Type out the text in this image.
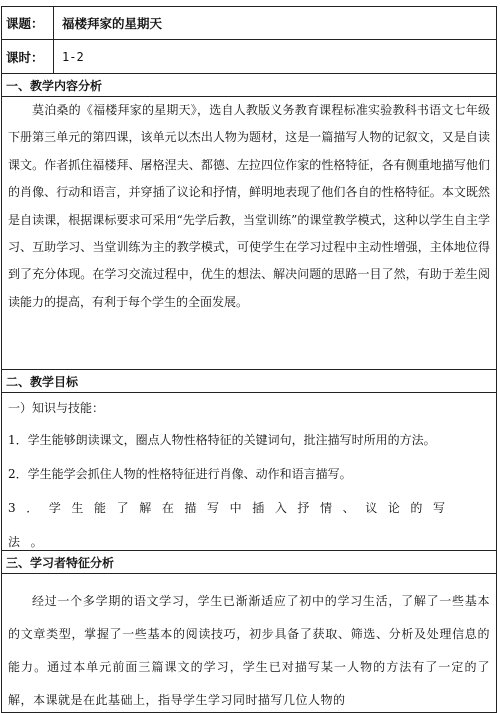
课题：	福楼拜家的星期天
课时：	1-2
一、教学内容分析

莫泊桑的《福楼拜家的星期天》，选自人教版义务教育课程标准实验教科书语文七年级下册第三单元的第四课，该单元以杰出人物为题材，这是一篇描写人物的记叙文，又是自读课文。作者抓住福楼拜、屠格涅夫、都德、左拉四位作家的性格特征，各有侧重地描写他们的肖像、行动和语言，并穿插了议论和抒情，鲜明地表现了他们各自的性格特征。本文既然是自读课，根据课标要求可采用“先学后教，当堂训练”的课堂教学模式，这种以学生自主学习、互助学习、当堂训练为主的教学模式，可使学生在学习过程中主动性增强，主体地位得到了充分体现。在学习交流过程中，优生的想法、解决问题的思路一目了然，有助于差生阅读能力的提高，有利于每个学生的全面发展。

二、教学目标

一）知识与技能：

1．学生能够朗读课文，圈点人物性格特征的关键词句，批注描写时所用的方法。

2．学生能学会抓住人物的性格特征进行肖像、动作和语言描写。

3．学生能了解在描写中插入抒情、议论的写法。

三、学习者特征分析

经过一个多学期的语文学习，学生已渐渐适应了初中的学习生活，了解了一些基本的文章类型，掌握了一些基本的阅读技巧，初步具备了获取、筛选、分析及处理信息的能力。通过本单元前面三篇课文的学习，学生已对描写某一人物的方法有了一定的了解，本课就是在此基础上，指导学生学习同时描写几位人物的
